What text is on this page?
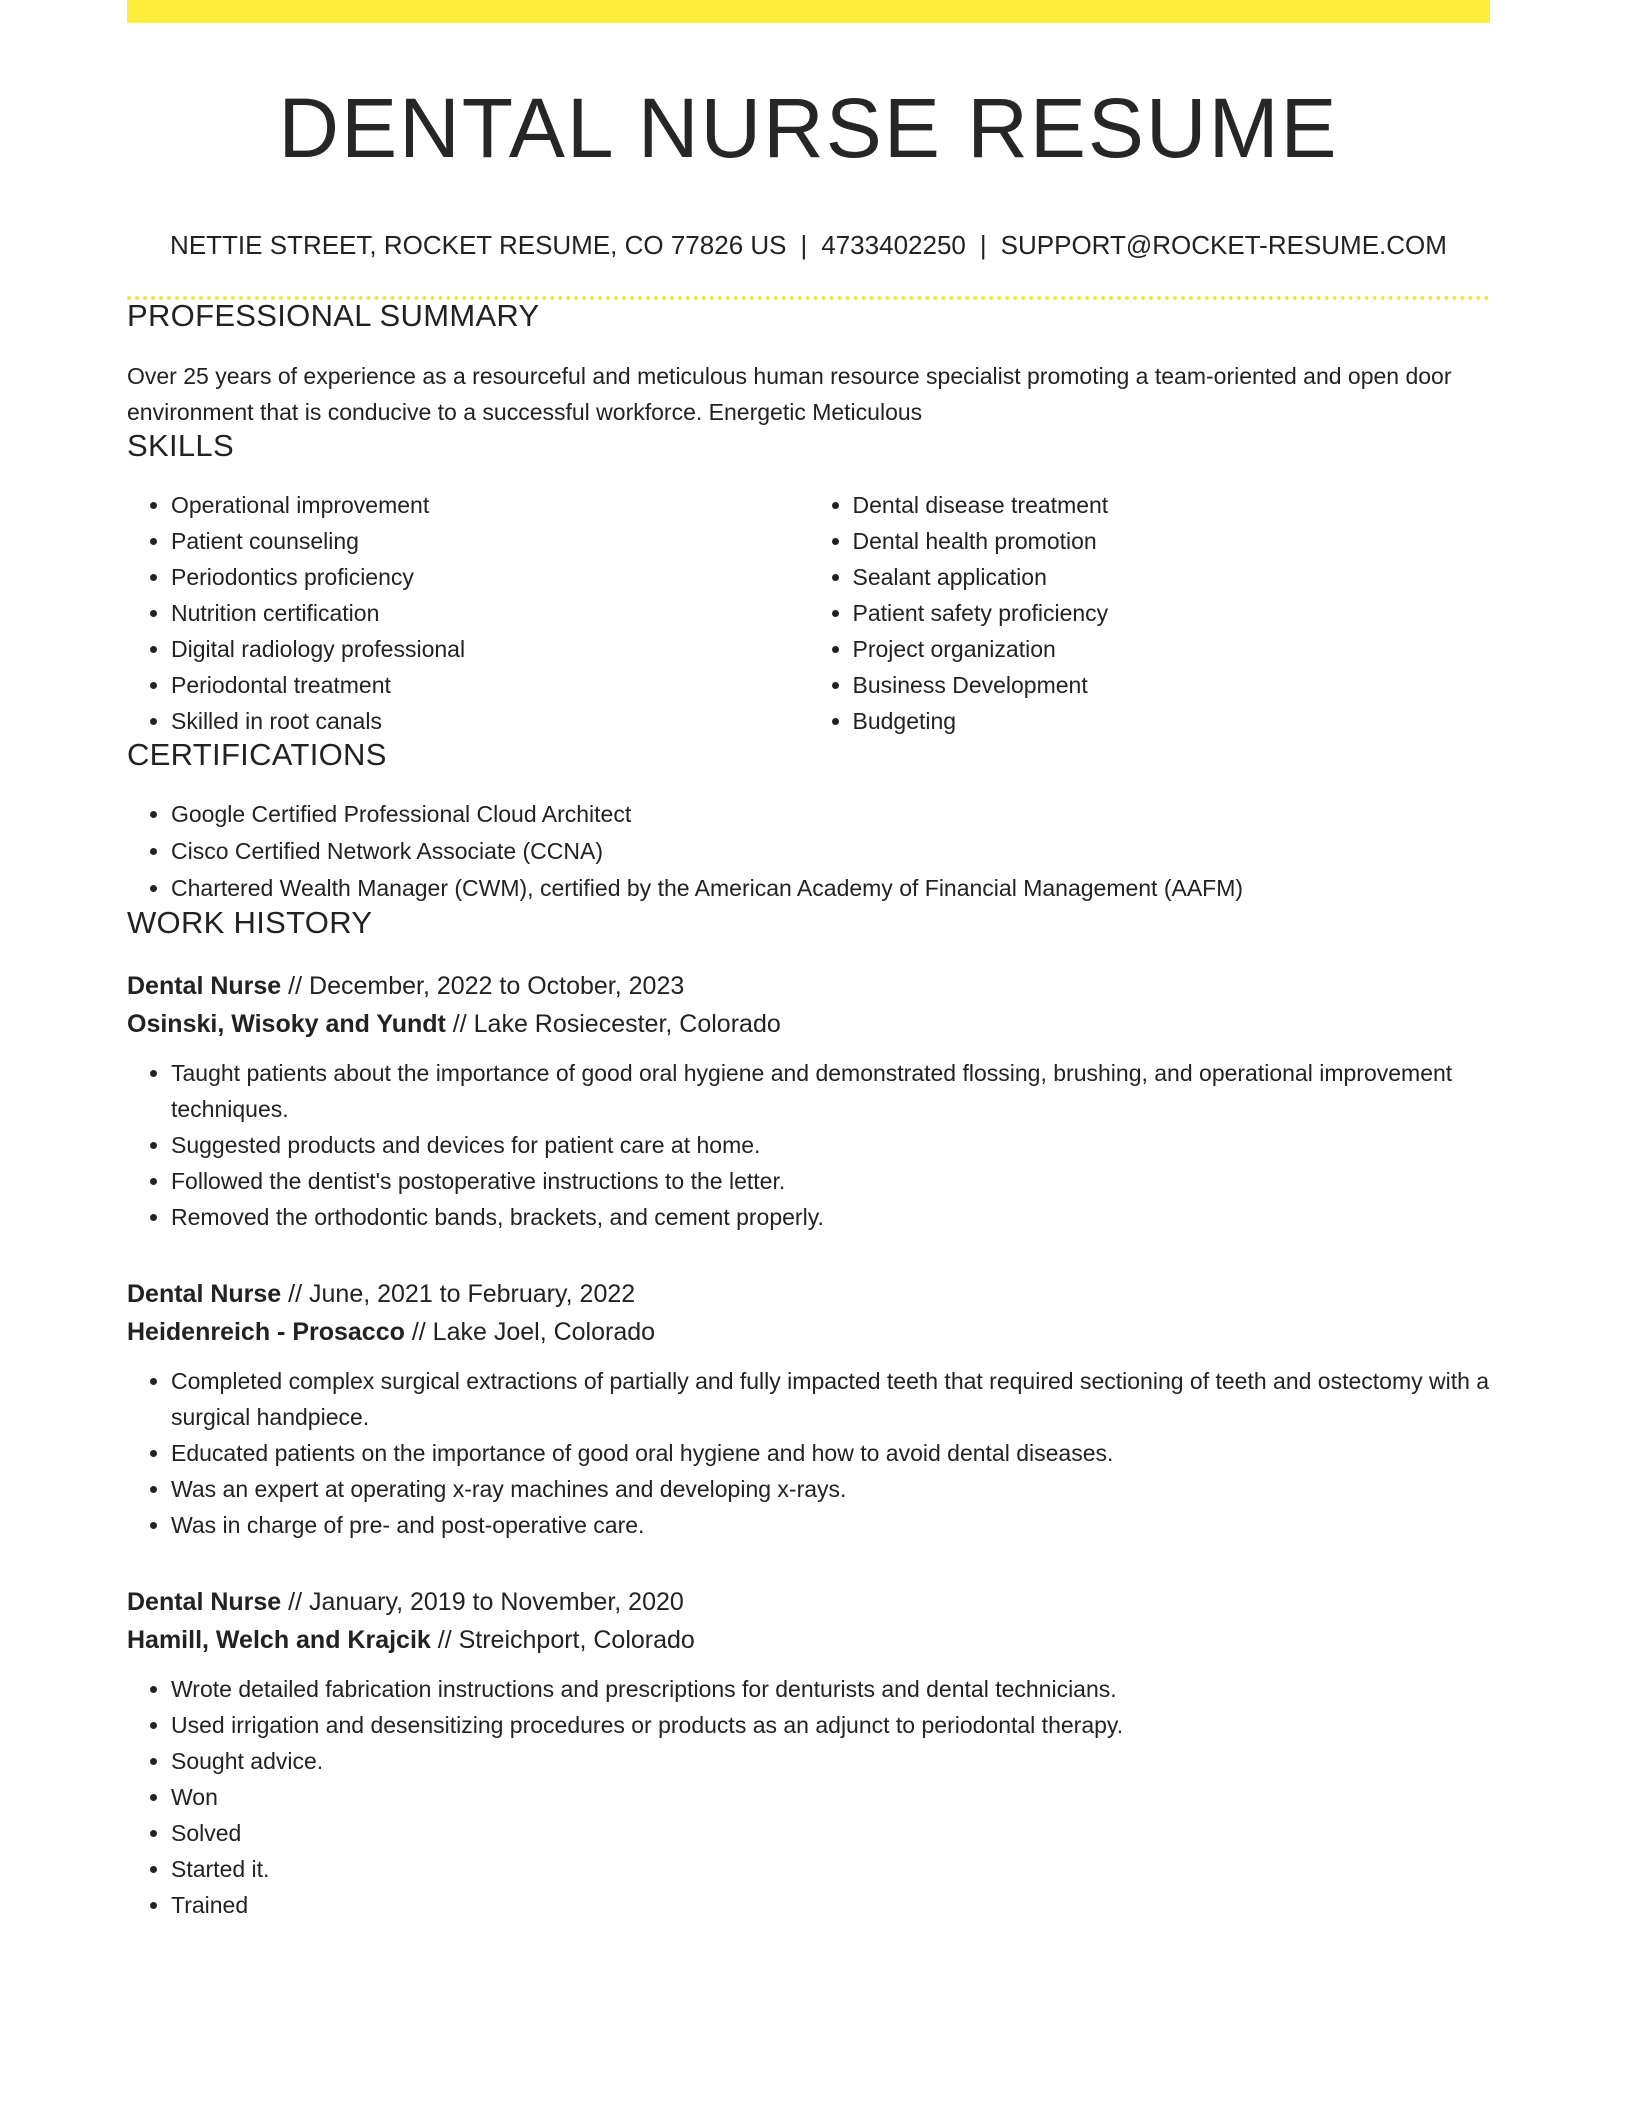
DENTAL NURSE RESUME
NETTIE STREET, ROCKET RESUME, CO 77826 US | 4733402250 | SUPPORT@ROCKET-RESUME.COM
PROFESSIONAL SUMMARY
Over 25 years of experience as a resourceful and meticulous human resource specialist promoting a team-oriented and open door environment that is conducive to a successful workforce. Energetic Meticulous
SKILLS
• Operational improvement
• Patient counseling
• Periodontics proficiency
• Nutrition certification
• Digital radiology professional
• Periodontal treatment
• Skilled in root canals
• Dental disease treatment
• Dental health promotion
• Sealant application
• Patient safety proficiency
• Project organization
• Business Development
• Budgeting
CERTIFICATIONS
• Google Certified Professional Cloud Architect
• Cisco Certified Network Associate (CCNA)
• Chartered Wealth Manager (CWM), certified by the American Academy of Financial Management (AAFM)
WORK HISTORY
Dental Nurse // December, 2022 to October, 2023
Osinski, Wisoky and Yundt // Lake Rosiecester, Colorado
• Taught patients about the importance of good oral hygiene and demonstrated flossing, brushing, and operational improvement techniques.
• Suggested products and devices for patient care at home.
• Followed the dentist's postoperative instructions to the letter.
• Removed the orthodontic bands, brackets, and cement properly.
Dental Nurse // June, 2021 to February, 2022
Heidenreich - Prosacco // Lake Joel, Colorado
• Completed complex surgical extractions of partially and fully impacted teeth that required sectioning of teeth and ostectomy with a surgical handpiece.
• Educated patients on the importance of good oral hygiene and how to avoid dental diseases.
• Was an expert at operating x-ray machines and developing x-rays.
• Was in charge of pre- and post-operative care.
Dental Nurse // January, 2019 to November, 2020
Hamill, Welch and Krajcik // Streichport, Colorado
• Wrote detailed fabrication instructions and prescriptions for denturists and dental technicians.
• Used irrigation and desensitizing procedures or products as an adjunct to periodontal therapy.
• Sought advice.
• Won
• Solved
• Started it.
• Trained
